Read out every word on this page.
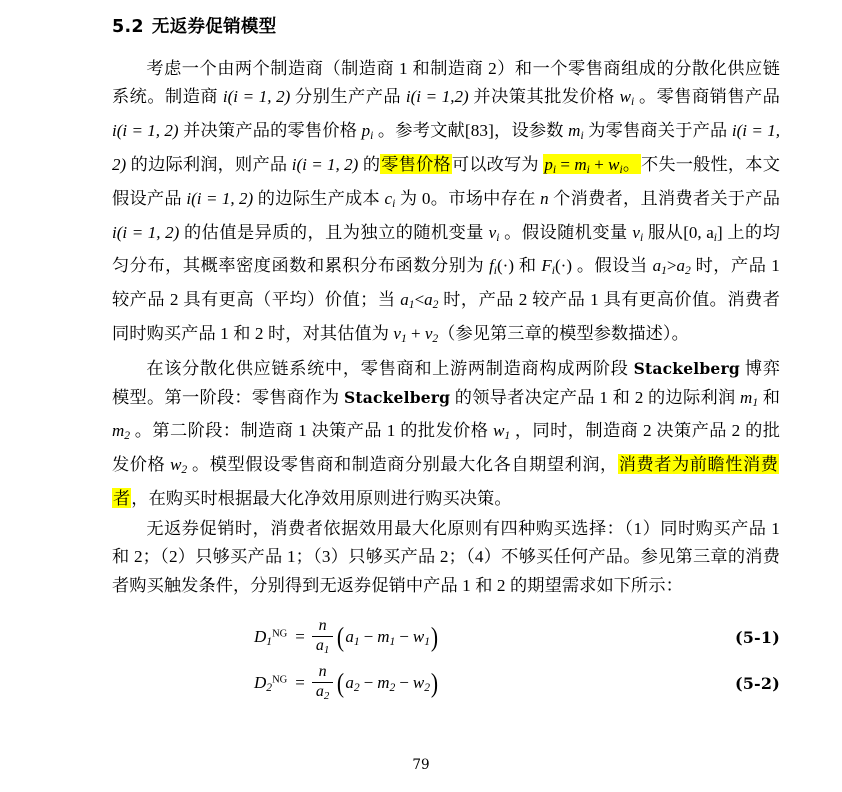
5.2 无返券促销模型

考虑一个由两个制造商（制造商 1 和制造商 2）和一个零售商组成的分散化供应链系统。制造商 i(i = 1, 2) 分别生产产品 i(i = 1,2) 并决策其批发价格 $w_i$ 。零售商销售产品 i(i = 1, 2) 并决策产品的零售价格 $p_i$ 。参考文献[83]，设参数 $m_i$ 为零售商关于产品 i(i = 1, 2) 的边际利润，则产品 i(i = 1, 2) 的零售价格可以改写为 $p_i = m_i + w_i$。不失一般性，本文假设产品 i(i = 1, 2) 的边际生产成本 $c_i$ 为 0。市场中存在 n 个消费者，且消费者关于产品 i(i = 1, 2) 的估值是异质的，且为独立的随机变量 $v_i$ 。假设随机变量 $v_i$ 服从[0, $a_i$] 上的均匀分布，其概率密度函数和累积分布函数分别为 $f_i(\cdot)$ 和 $F_i(\cdot)$ 。假设当 $a_1>a_2$ 时，产品 1 较产品 2 具有更高（平均）价值；当 $a_1<a_2$ 时，产品 2 较产品 1 具有更高价值。消费者同时购买产品 1 和 2 时，对其估值为 $v_1 + v_2$（参见第三章的模型参数描述）。

在该分散化供应链系统中，零售商和上游两制造商构成两阶段 Stackelberg 博弈模型。第一阶段：零售商作为 Stackelberg 的领导者决定产品 1 和 2 的边际利润 $m_1$ 和 $m_2$ 。第二阶段：制造商 1 决策产品 1 的批发价格 $w_1$ ，同时，制造商 2 决策产品 2 的批发价格 $w_2$ 。模型假设零售商和制造商分别最大化各自期望利润，消费者为前瞻性消费者，在购买时根据最大化净效用原则进行购买决策。

无返券促销时，消费者依据效用最大化原则有四种购买选择：（1）同时购买产品 1 和 2；（2）只够买产品 1；（3）只够买产品 2；（4）不够买任何产品。参见第三章的消费者购买触发条件，分别得到无返券促销中产品 1 和 2 的期望需求如下所示：

$D_1^{NG} = \frac{n}{a_1}$ ( $a_1 - m_1 - w_1$ )	(5-1)
$D_2^{NG} = \frac{n}{a_2}$ ( $a_2 - m_2 - w_2$ )	(5-2)
79
